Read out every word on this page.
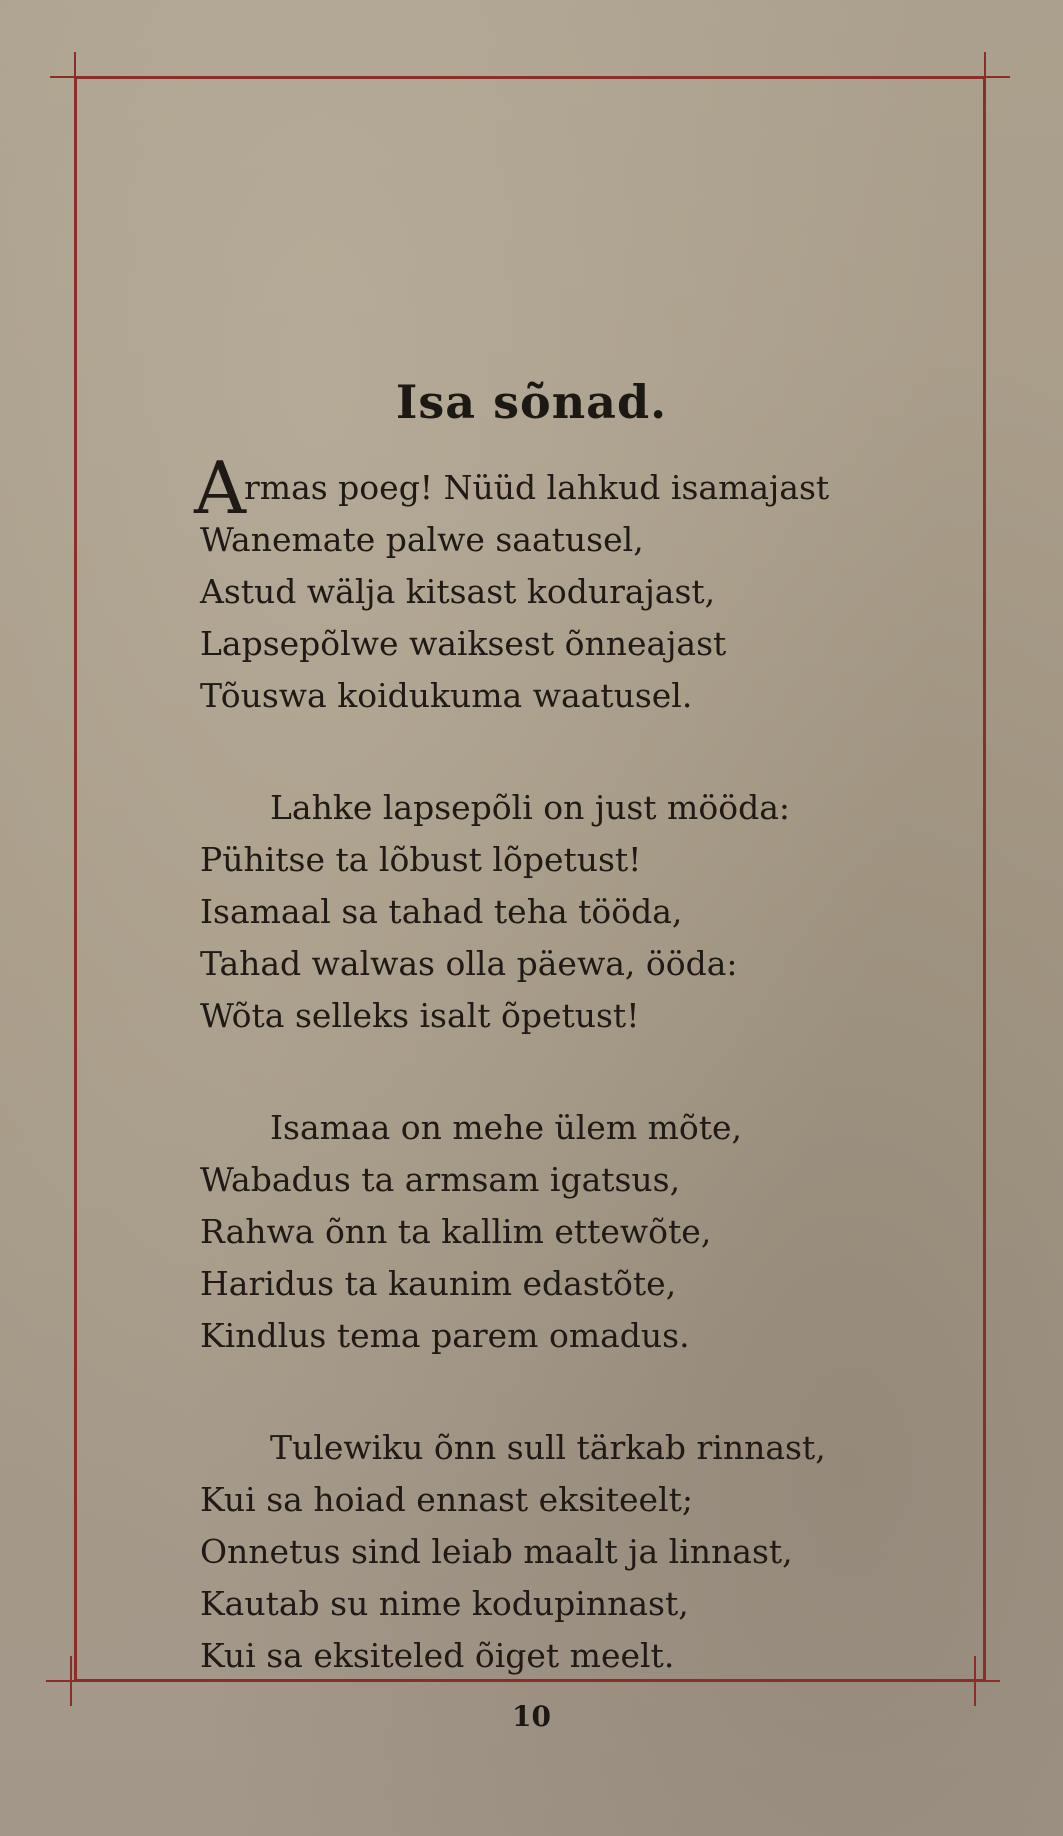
Isa sõnad.
Armas poeg! Nüüd lahkud isamajast
Wanemate palwe saatusel,
Astud wälja kitsast kodurajast,
Lapsepõlwe waiksest õnneajast
Tõuswa koidukuma waatusel.
Lahke lapsepõli on just mööda:
Pühitse ta lõbust lõpetust!
Isamaal sa tahad teha tööda,
Tahad walwas olla päewa, ööda:
Wõta selleks isalt õpetust!
Isamaa on mehe ülem mõte,
Wabadus ta armsam igatsus,
Rahwa õnn ta kallim ettewõte,
Haridus ta kaunim edastõte,
Kindlus tema parem omadus.
Tulewiku õnn sull tärkab rinnast,
Kui sa hoiad ennast eksiteelt;
Onnetus sind leiab maalt ja linnast,
Kautab su nime kodupinnast,
Kui sa eksiteled õiget meelt.
10
